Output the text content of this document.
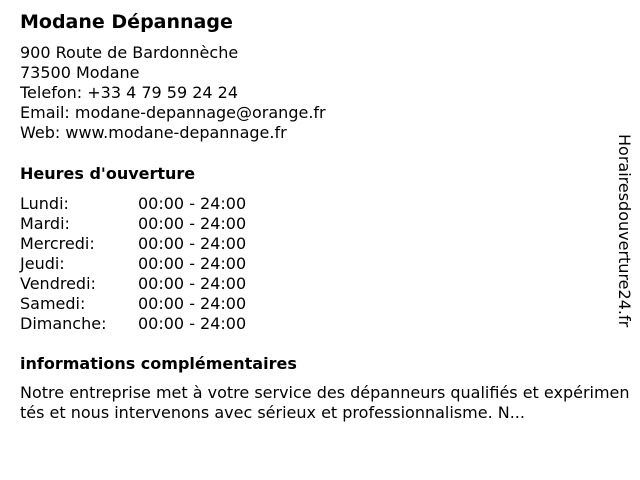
Modane Dépannage
900 Route de Bardonnèche
73500 Modane
Telefon: +33 4 79 59 24 24
Email: modane-depannage@orange.fr
Web: www.modane-depannage.fr
Heures d'ouverture
Lundi:	00:00 - 24:00
Mardi:	00:00 - 24:00
Mercredi:	00:00 - 24:00
Jeudi:	00:00 - 24:00
Vendredi:	00:00 - 24:00
Samedi:	00:00 - 24:00
Dimanche: 00:00 - 24:00
informations complémentaires
Notre entreprise met à votre service des dépanneurs qualifiés et expérimentés et nous intervenons avec sérieux et professionnalisme. N...
Horairesdouverture24.fr
